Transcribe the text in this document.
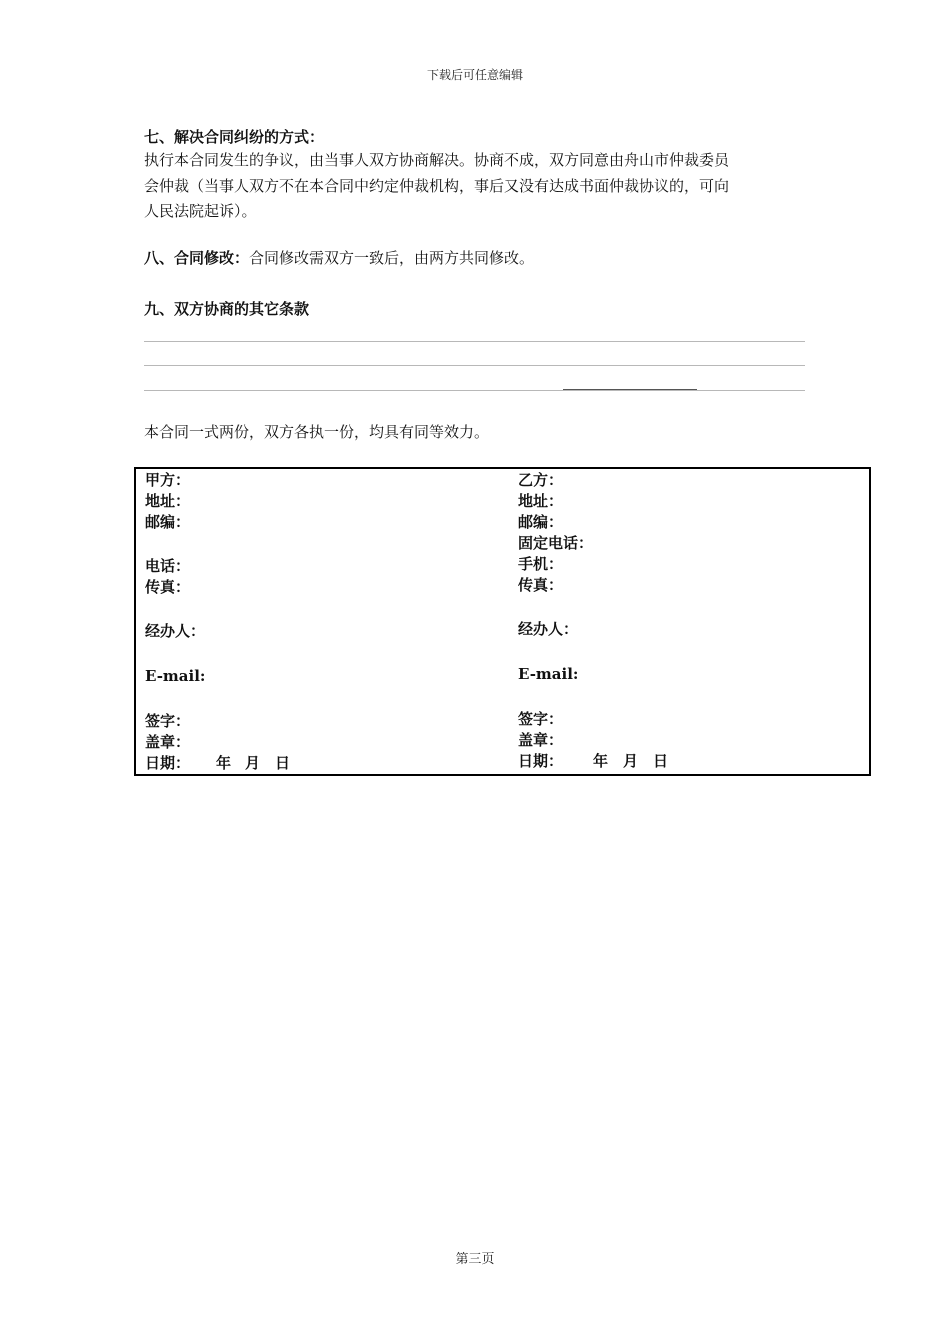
下载后可任意编辑
七、解决合同纠纷的方式：
执行本合同发生的争议，由当事人双方协商解决。协商不成，双方同意由舟山市仲裁委员
会仲裁（当事人双方不在本合同中约定仲裁机构，事后又没有达成书面仲裁协议的，可向
人民法院起诉）。
八、合同修改：合同修改需双方一致后，由两方共同修改。
九、双方协商的其它条款
本合同一式两份，双方各执一份，均具有同等效力。
甲方：
地址：
邮编：
电话：
传真：
经办人：
E-mail:
签字：
盖章：
日期： 年 月 日
乙方：
地址：
邮编：
固定电话：
手机：
传真：
经办人：
E-mail:
签字：
盖章：
日期： 年 月 日
第三页
